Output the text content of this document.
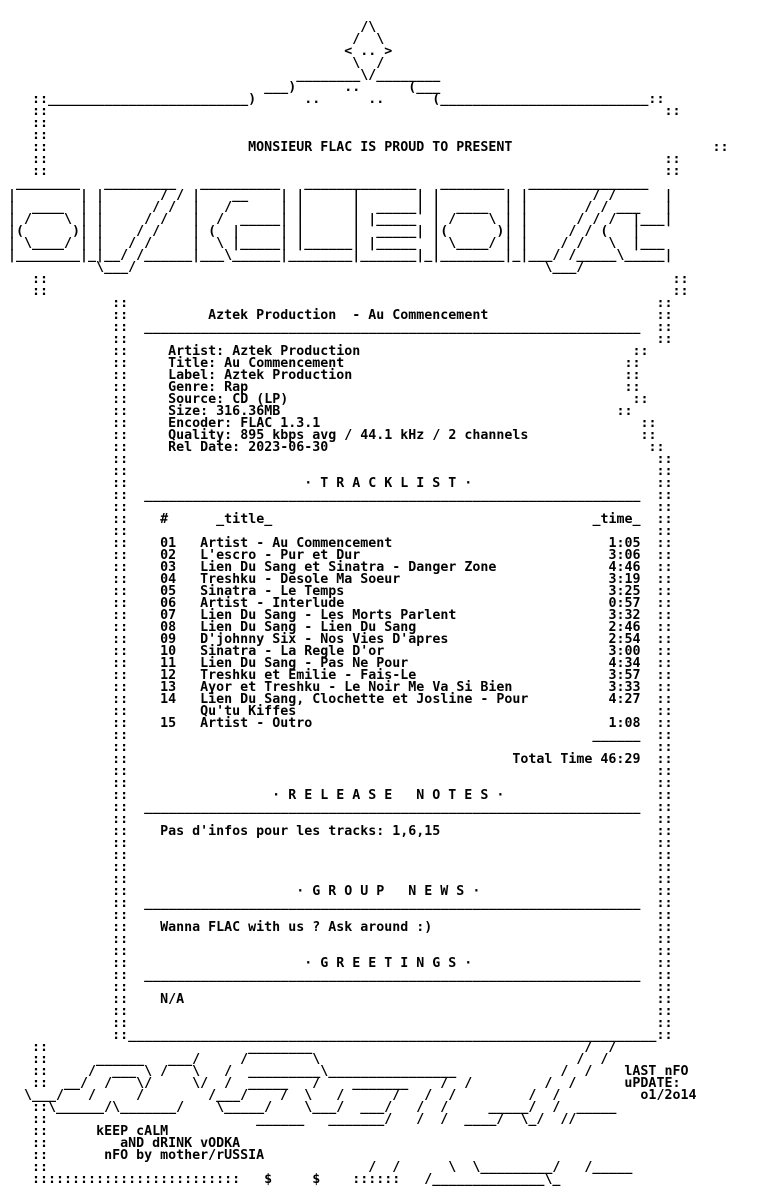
/\
/  \
< .. >
\  /
________\/________
___)      ..      (___
::_________________________)      ..      ..      (__________________________::
::                                                                             ::
::
::
::                         MONSIEUR FLAC IS PROUD TO PRESENT	::
::                                                                             ::
::                                                                             ::
________   _________   __________   ______________   ________   _______________
|        | |       / / |    __    | |      |       | |        | |        / /      |
|  ____  | |      / /  |   /      | |      |  _____| |  ____  | |       / / ___   |
| /    \ | |     / /   |  /  _____| |      | |_____  | /    \ | |      / / /  |___|
|(      )| |    / /    | (  |     | |      |  _____| |(      )| |     / / (   |
| \____/ | |   / /     |  \ |_____| |______| |_____  | \____/ | |    / /   \  |___
|________|_|__/ /______|___\______|________|_______|_|________|_|___/ /_____\_____|
\___/                                                   \___/
::                                                                              ::
::                                                                              ::
::	::
::	Aztek Production  - Au Commencement	::
::  ______________________________________________________________  ::
::	::
::     Artist: Aztek Production	::
::     Title: Au Commencement	::
::     Label: Aztek Production	::
::     Genre: Rap	::
::     Source: CD (LP)	::
::     Size: 316.36MB	::
::     Encoder: FLAC 1.3.1	::
::     Quality: 895 kbps avg / 44.1 kHz / 2 channels	::
::     Rel Date: 2023-06-30	::
::	::
::	::
::                      · T R A C K L I S T ·                       ::
::  ______________________________________________________________  ::
::	::
::    #	_title_	_time_  ::
::	::
::    01 Artist - Au Commencement	1:05  ::
::    02 L'escro - Pur et Dur	3:06  ::
::    03 Lien Du Sang et Sinatra - Danger Zone	4:46  ::
::    04 Treshku - Desole Ma Soeur	3:19  ::
::    05 Sinatra - Le Temps	3:25  ::
::    06 Artist - Interlude	0:57  ::
::    07 Lien Du Sang - Les Morts Parlent	3:32  ::
::    08 Lien Du Sang - Lien Du Sang	2:46  ::
::    09 D'johnny Six - Nos Vies D'apres	2:54  ::
::    10 Sinatra - La Regle D'or	3:00  ::
::    11 Lien Du Sang - Pas Ne Pour	4:34  ::
::    12 Treshku et Emilie - Fais-Le	3:57  ::
::    13 Ayor et Treshku - Le Noir Me Va Si Bien	3:33  ::
::    14 Lien Du Sang, Clochette et Josline - Pour	4:27  ::
::	Qu'tu Kiffes	::
::    15 Artist - Outro	1:08  ::
::	______  ::
::	::
::	Total Time 46:29  ::
::	::
::	::
::                  · R E L E A S E   N O T E S ·                   ::
::  ______________________________________________________________  ::
::	::
::    Pas d'infos pour les tracks: 1,6,15	::
::	::
::	::
::	::
::	::
::                     · G R O U P   N E W S ·                      ::
::  ______________________________________________________________  ::
::	::
::    Wanna FLAC with us ? Ask around :)	::
::	::
::	::
::                      · G R E E T I N G S ·                       ::
::  ______________________________________________________________  ::
::	::
::    N/A	::
::	::
::	::
::__________________________________________________________________::
::                         ________                                  /  /
::      ______   ___/     /        \                                /  /
::     /  ___ \ /   \   /  _________\________________             /  /    lAST nFO
::  __/  /   \/     \/  /  _____   /    _______    /  /         /  /      uPDATE:
\___/   /     /        /___/    /  \   /      /   /  /         /  /          o1/2o14
::\______/\_______/    \_____/    \___/  ___/   /  /     _____/  /  _____
::                          ______   _______/   /  /  ____/  \_/  //
::      kEEP cALM
::         aND dRINK vODKA
::       nFO by mother/rUSSIA
::                                        /  /      \  \_________/   /_____
::::::::::::::::::::::::::   $     $    ::::::   /______________\_
